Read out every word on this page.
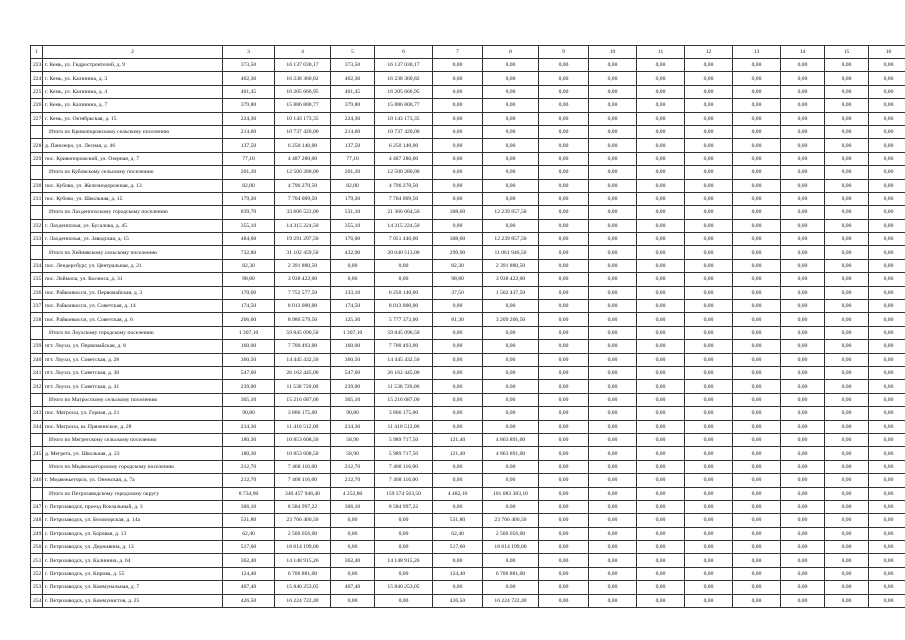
1	2	3	4	5	6	7	8	9	10	11	12	13	14	15	16
223	г. Кемь, ул. Гидростроителей, д. 9	373,50	16 137 030,17	373,50	16 137 030,17	0,00	0,00	0,00	0,00	0,00	0,00	0,00	0,00	0,00	0,00
224	г. Кемь, ул. Калинина, д. 3	402,30	16 238 360,82	402,30	16 238 360,82	0,00	0,00	0,00	0,00	0,00	0,00	0,00	0,00	0,00	0,00
225	г. Кемь, ул. Калинина, д. 4	401,45	16 205 666,95	401,45	16 205 666,95	0,00	0,00	0,00	0,00	0,00	0,00	0,00	0,00	0,00	0,00
226	г. Кемь, ул. Калинина, д. 7	379,80	15 886 800,77	379,80	15 886 800,77	0,00	0,00	0,00	0,00	0,00	0,00	0,00	0,00	0,00	0,00
227	г. Кемь, ул. Октябрьская, д. 15	224,30	10 143 173,35	224,30	10 143 173,35	0,00	0,00	0,00	0,00	0,00	0,00	0,00	0,00	0,00	0,00
	Итого по Кривопорожскому сельскому поселению	214,60	10 737 420,00	214,60	10 737 420,00	0,00	0,00	0,00	0,00	0,00	0,00	0,00	0,00	0,00	0,00
228	д. Панозеро, ул. Лесная, д. 46	137,50	6 250 140,00	137,50	6 250 140,00	0,00	0,00	0,00	0,00	0,00	0,00	0,00	0,00	0,00	0,00
229	пос. Кривопорожский, ул. Озерная, д. 7	77,10	4 487 280,00	77,10	4 487 280,00	0,00	0,00	0,00	0,00	0,00	0,00	0,00	0,00	0,00	0,00
	Итого по Кубовскому сельскому поселению	261,20	12 500 280,00	261,20	12 500 280,00	0,00	0,00	0,00	0,00	0,00	0,00	0,00	0,00	0,00	0,00
230	пос. Кубово, ул. Железнодорожная, д. 13	82,00	4 796 270,50	82,00	4 796 270,50	0,00	0,00	0,00	0,00	0,00	0,00	0,00	0,00	0,00	0,00
231	пос. Кубово, ул. Школьная, д. 15	179,20	7 704 009,50	179,20	7 704 009,50	0,00	0,00	0,00	0,00	0,00	0,00	0,00	0,00	0,00	0,00
	Итого по Лахденпохскому городскому поселению	839,70	33 606 522,00	531,10	21 366 664,50	308,60	12 239 857,50	0,00	0,00	0,00	0,00	0,00	0,00	0,00	0,00
232	г. Лахденпохья, ул. Бусалова, д. 45	355,10	14 315 224,50	355,10	14 315 224,50	0,00	0,00	0,00	0,00	0,00	0,00	0,00	0,00	0,00	0,00
233	г. Лахденпохья, ул. Заводская, д. 15	484,60	19 291 297,50	176,00	7 051 440,00	308,60	12 239 857,50	0,00	0,00	0,00	0,00	0,00	0,00	0,00	0,00
	Итого по Хейнявскому сельскому поселению	732,80	31 102 459,50	432,90	20 040 513,00	299,90	11 061 946,50	0,00	0,00	0,00	0,00	0,00	0,00	0,00	0,00
234	пос. Лендерсбург, ул. Центральная, д. 21	82,30	2 391 880,50	0,00	0,00	82,30	2 391 880,50	0,00	0,00	0,00	0,00	0,00	0,00	0,00	0,00
235	пос. Лоймола, ул. Космоса, д. 31	98,80	3 938 422,00	0,00	0,00	98,80	3 938 422,00	0,00	0,00	0,00	0,00	0,00	0,00	0,00	0,00
236	пос. Райконкосси, ул. Первомайская, д. 3	170,60	7 752 577,50	133,10	6 250 140,00	37,50	1 502 437,50	0,00	0,00	0,00	0,00	0,00	0,00	0,00	0,00
237	пос. Райконкосси, ул. Советская, д. 14	174,50	8 013 000,00	174,50	8 013 000,00	0,00	0,00	0,00	0,00	0,00	0,00	0,00	0,00	0,00	0,00
238	пос. Райконкосси, ул. Советская, д. 6	206,60	8 986 579,50	125,30	5 777 373,00	81,30	3 209 206,50	0,00	0,00	0,00	0,00	0,00	0,00	0,00	0,00
	Итого по Лоухскому городскому поселению	1 307,10	59 845 090,50	1 307,10	59 845 090,50	0,00	0,00	0,00	0,00	0,00	0,00	0,00	0,00	0,00	0,00
239	пгт. Лоухи, ул. Первомайская, д. 8	160,00	7 700 493,00	160,00	7 700 493,00	0,00	0,00	0,00	0,00	0,00	0,00	0,00	0,00	0,00	0,00
240	пгт. Лоухи, ул. Советская, д. 28	360,50	14 445 432,50	360,50	14 445 432,50	0,00	0,00	0,00	0,00	0,00	0,00	0,00	0,00	0,00	0,00
241	пгт. Лоухи, ул. Советская, д. 30	547,60	26 162 445,00	547,60	26 162 445,00	0,00	0,00	0,00	0,00	0,00	0,00	0,00	0,00	0,00	0,00
242	пгт. Лоухи, ул. Советская, д. 41	239,00	11 538 720,00	239,00	11 538 720,00	0,00	0,00	0,00	0,00	0,00	0,00	0,00	0,00	0,00	0,00
	Итого по Матросскому сельскому поселению	305,10	15 216 687,00	305,10	15 216 687,00	0,00	0,00	0,00	0,00	0,00	0,00	0,00	0,00	0,00	0,00
243	пос. Матросы, ул. Горная, д. 21	90,80	3 806 175,00	90,80	3 806 175,00	0,00	0,00	0,00	0,00	0,00	0,00	0,00	0,00	0,00	0,00
244	пос. Матросы, ш. Пряжинское, д. 28	214,30	11 410 512,00	214,30	11 410 512,00	0,00	0,00	0,00	0,00	0,00	0,00	0,00	0,00	0,00	0,00
	Итого по Мегрегскому сельскому поселению	180,30	10 853 608,50	58,90	5 989 717,50	121,40	4 863 891,00	0,00	0,00	0,00	0,00	0,00	0,00	0,00	0,00
245	д. Мегрега, ул. Школьная, д. 23	180,30	10 853 608,50	58,90	5 989 717,50	121,40	4 863 891,00	0,00	0,00	0,00	0,00	0,00	0,00	0,00	0,00
	Итого по Медвежьегорскому городскому поселению	212,70	7 468 116,00	212,70	7 468 116,00	0,00	0,00	0,00	0,00	0,00	0,00	0,00	0,00	0,00	0,00
246	г. Медвежьегорск, ул. Онежская, д. 7а	212,70	7 468 116,00	212,70	7 468 116,00	0,00	0,00	0,00	0,00	0,00	0,00	0,00	0,00	0,00	0,00
	Итого по Петрозаводскому городскому округу	8 734,90	340 457 946,40	4 252,80	159 374 563,50	4 482,10	181 083 383,10	0,00	0,00	0,00	0,00	0,00	0,00	0,00	0,00
247	г. Петрозаводск, проезд Вокзальный, д. 3	306,10	8 584 997,22	306,10	8 584 997,22	0,00	0,00	0,00	0,00	0,00	0,00	0,00	0,00	0,00	0,00
248	г. Петрозаводск, ул. Беломорская, д. 14а	531,80	23 766 460,50	0,00	0,00	531,80	23 766 460,50	0,00	0,00	0,00	0,00	0,00	0,00	0,00	0,00
249	г. Петрозаводск, ул. Боровая, д. 13	62,40	2 500 056,00	0,00	0,00	62,40	2 500 056,00	0,00	0,00	0,00	0,00	0,00	0,00	0,00	0,00
250	г. Петрозаводск, ул. Державина, д. 13	517,60	18 614 199,00	0,00	0,00	517,60	18 614 199,00	0,00	0,00	0,00	0,00	0,00	0,00	0,00	0,00
251	г. Петрозаводск, ул. Калинина, д. 64	362,40	14 148 915,26	362,40	14 148 915,26	0,00	0,00	0,00	0,00	0,00	0,00	0,00	0,00	0,00	0,00
252	г. Петрозаводск, ул. Кирова, д. 55	124,40	6 706 881,00	0,00	0,00	124,40	6 706 881,00	0,00	0,00	0,00	0,00	0,00	0,00	0,00	0,00
253	г. Петрозаводск, ул. Коммунальная, д. 7	407,40	15 840 253,05	407,40	15 840 253,05	0,00	0,00	0,00	0,00	0,00	0,00	0,00	0,00	0,00	0,00
254	г. Петрозаводск, ул. Коммунистов, д. 25	426,50	16 224 722,40	0,00	0,00	426,50	16 224 722,40	0,00	0,00	0,00	0,00	0,00	0,00	0,00	0,00
